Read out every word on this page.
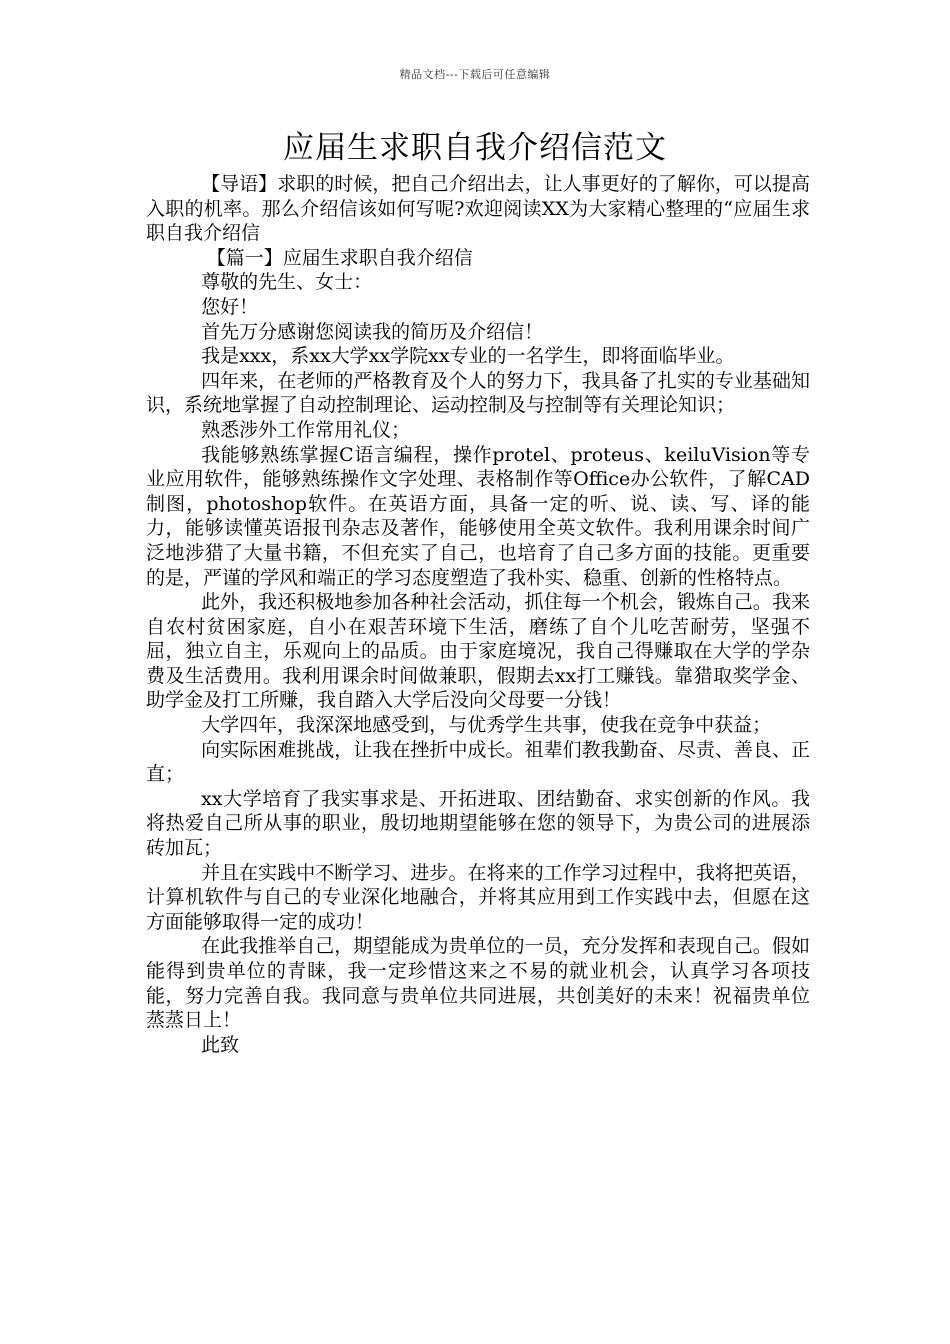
精品文档---下载后可任意编辑
应届生求职自我介绍信范文

【导语】求职的时候，把自己介绍出去，让人事更好的了解你，可以提高入职的机率。那么介绍信该如何写呢?欢迎阅读XX为大家精心整理的“应届生求职自我介绍信

【篇一】应届生求职自我介绍信

尊敬的先生、女士：

您好！

首先万分感谢您阅读我的简历及介绍信！

我是xxx，系xx大学xx学院xx专业的一名学生，即将面临毕业。

四年来，在老师的严格教育及个人的努力下，我具备了扎实的专业基础知识，系统地掌握了自动控制理论、运动控制及与控制等有关理论知识；

熟悉涉外工作常用礼仪；

我能够熟练掌握C语言编程，操作protel、proteus、keiluVision等专业应用软件，能够熟练操作文字处理、表格制作等Office办公软件，了解CAD制图，photoshop软件。在英语方面，具备一定的听、说、读、写、译的能力，能够读懂英语报刊杂志及著作，能够使用全英文软件。我利用课余时间广泛地涉猎了大量书籍，不但充实了自己，也培育了自己多方面的技能。更重要的是，严谨的学风和端正的学习态度塑造了我朴实、稳重、创新的性格特点。

此外，我还积极地参加各种社会活动，抓住每一个机会，锻炼自己。我来自农村贫困家庭，自小在艰苦环境下生活，磨练了自个儿吃苦耐劳，坚强不屈，独立自主，乐观向上的品质。由于家庭境况，我自己得赚取在大学的学杂费及生活费用。我利用课余时间做兼职，假期去xx打工赚钱。靠猎取奖学金、助学金及打工所赚，我自踏入大学后没向父母要一分钱！

大学四年，我深深地感受到，与优秀学生共事，使我在竞争中获益；

向实际困难挑战，让我在挫折中成长。祖辈们教我勤奋、尽责、善良、正直；

xx大学培育了我实事求是、开拓进取、团结勤奋、求实创新的作风。我将热爱自己所从事的职业，殷切地期望能够在您的领导下，为贵公司的进展添砖加瓦；

并且在实践中不断学习、进步。在将来的工作学习过程中，我将把英语，计算机软件与自己的专业深化地融合，并将其应用到工作实践中去，但愿在这方面能够取得一定的成功！

在此我推举自己，期望能成为贵单位的一员，充分发挥和表现自己。假如能得到贵单位的青睐，我一定珍惜这来之不易的就业机会，认真学习各项技能，努力完善自我。我同意与贵单位共同进展，共创美好的未来！祝福贵单位蒸蒸日上！

此致
